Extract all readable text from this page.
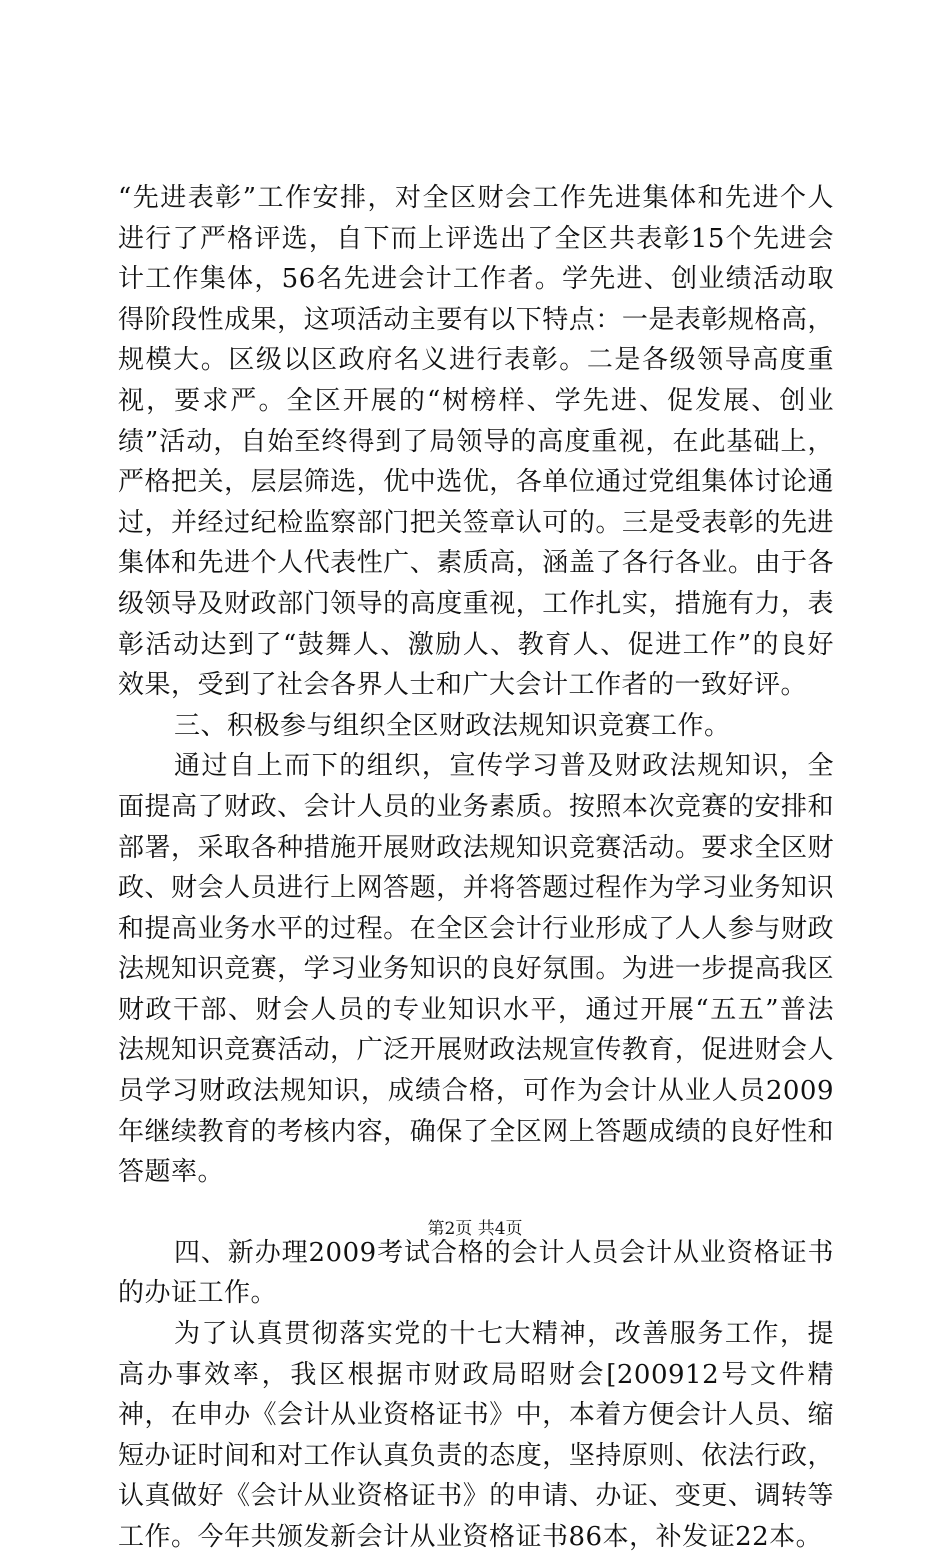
“先进表彰”工作安排，对全区财会工作先进集体和先进个人进行了严格评选，自下而上评选出了全区共表彰15个先进会计工作集体，56名先进会计工作者。学先进、创业绩活动取得阶段性成果，这项活动主要有以下特点：一是表彰规格高，规模大。区级以区政府名义进行表彰。二是各级领导高度重视，要求严。全区开展的“树榜样、学先进、促发展、创业绩”活动，自始至终得到了局领导的高度重视，在此基础上，严格把关，层层筛选，优中选优，各单位通过党组集体讨论通过，并经过纪检监察部门把关签章认可的。三是受表彰的先进集体和先进个人代表性广、素质高，涵盖了各行各业。由于各级领导及财政部门领导的高度重视，工作扎实，措施有力，表彰活动达到了“鼓舞人、激励人、教育人、促进工作”的良好效果，受到了社会各界人士和广大会计工作者的一致好评。

三、积极参与组织全区财政法规知识竞赛工作。

通过自上而下的组织，宣传学习普及财政法规知识，全面提高了财政、会计人员的业务素质。按照本次竞赛的安排和部署，采取各种措施开展财政法规知识竞赛活动。要求全区财政、财会人员进行上网答题，并将答题过程作为学习业务知识和提高业务水平的过程。在全区会计行业形成了人人参与财政法规知识竞赛，学习业务知识的良好氛围。为进一步提高我区财政干部、财会人员的专业知识水平，通过开展“五五”普法法规知识竞赛活动，广泛开展财政法规宣传教育，促进财会人员学习财政法规知识，成绩合格，可作为会计从业人员2009年继续教育的考核内容，确保了全区网上答题成绩的良好性和答题率。

四、新办理2009考试合格的会计人员会计从业资格证书的办证工作。

为了认真贯彻落实党的十七大精神，改善服务工作，提高办事效率，我区根据市财政局昭财会[200912号文件精神，在申办《会计从业资格证书》中，本着方便会计人员、缩短办证时间和对工作认真负责的态度，坚持原则、依法行政，认真做好《会计从业资格证书》的申请、办证、变更、调转等工作。今年共颁发新会计从业资格证书86本，补发证22本。

第2页 共4页
